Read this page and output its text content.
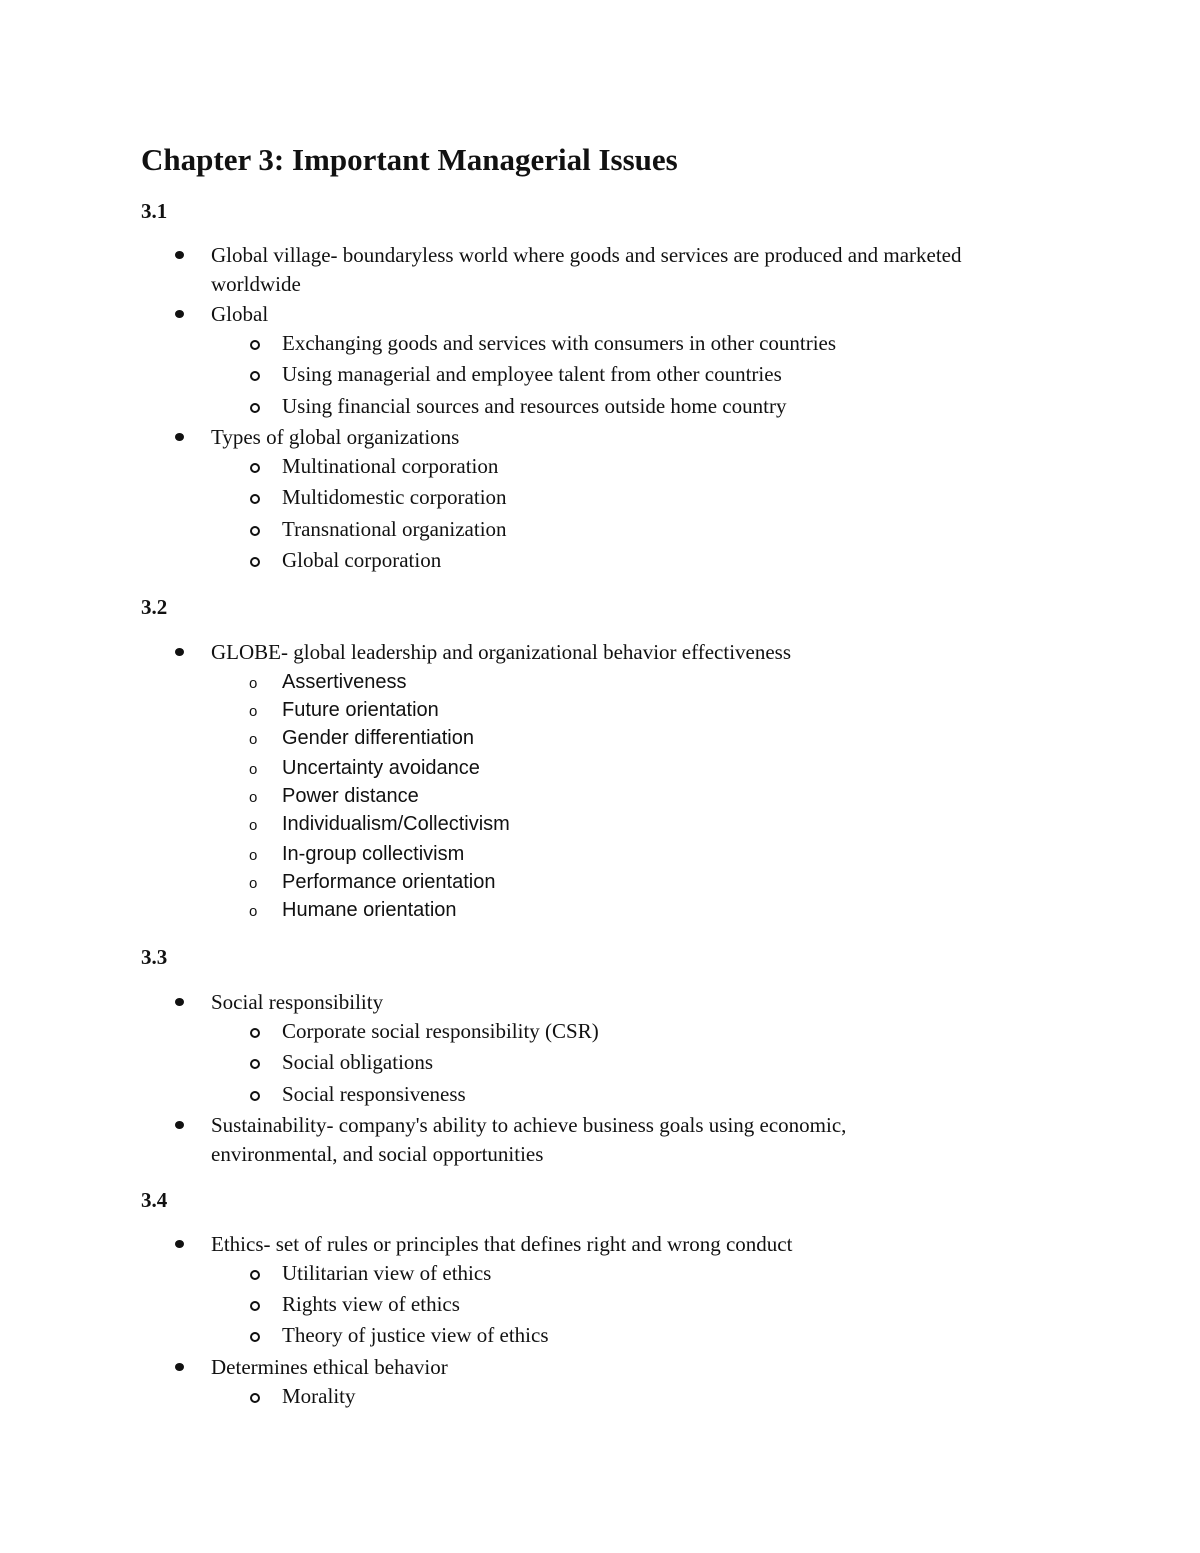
Chapter 3: Important Managerial Issues
3.1
Global village- boundaryless world where goods and services are produced and marketed
worldwide
Global
Exchanging goods and services with consumers in other countries
Using managerial and employee talent from other countries
Using financial sources and resources outside home country
Types of global organizations
Multinational corporation
Multidomestic corporation
Transnational organization
Global corporation
3.2
GLOBE- global leadership and organizational behavior effectiveness
o Assertiveness
o Future orientation
o Gender differentiation
o Uncertainty avoidance
o Power distance
o Individualism/Collectivism
o In-group collectivism
o Performance orientation
o Humane orientation
3.3
Social responsibility
Corporate social responsibility (CSR)
Social obligations
Social responsiveness
Sustainability- company's ability to achieve business goals using economic,
environmental, and social opportunities
3.4
Ethics- set of rules or principles that defines right and wrong conduct
Utilitarian view of ethics
Rights view of ethics
Theory of justice view of ethics
Determines ethical behavior
Morality
